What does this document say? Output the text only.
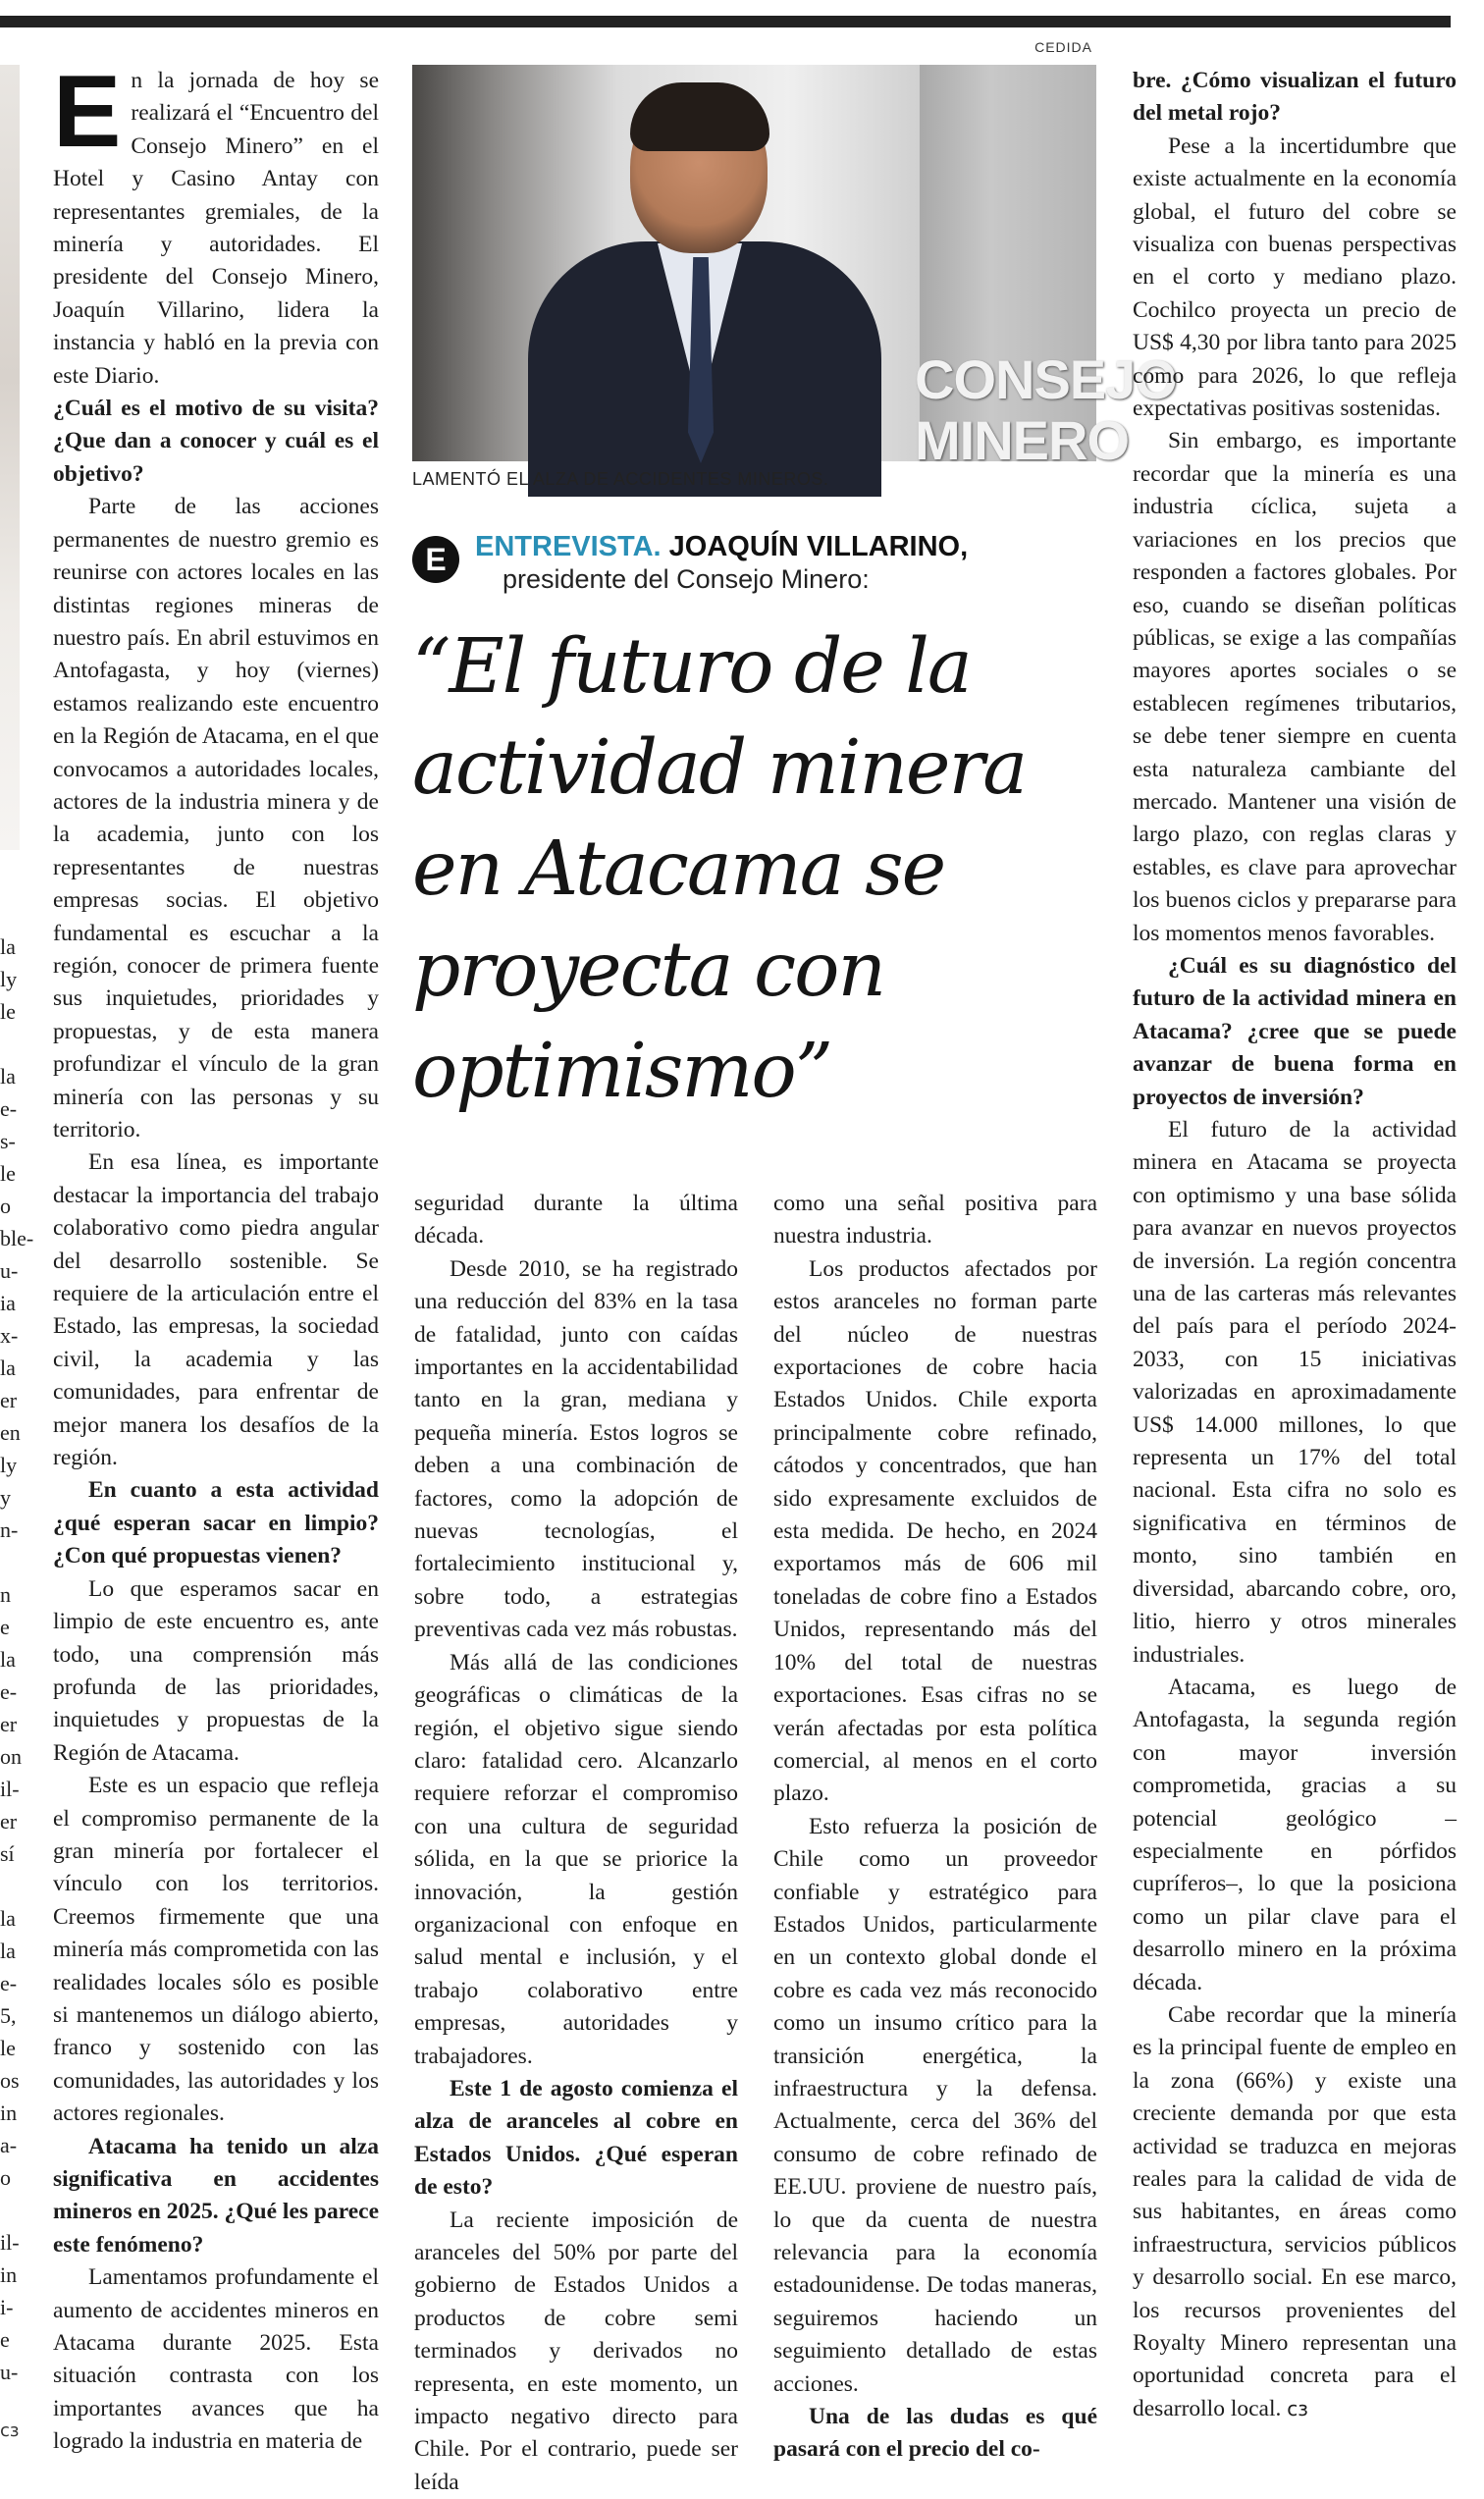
CEDIDA
la
ly
le

la
e-
s-
le
o
ble-
u-
ia
x-
la
er
en
ly
y
n-

n
e
la
e-
er
on
il-
er
sí

la
la
e-
5,
le
os
in
a-
o

il-
in
i-
e
u-
cɜ

En la jornada de hoy se realizará el “Encuentro del Consejo Minero” en el Hotel y Casino Antay con representantes gremiales, de la minería y autoridades. El presidente del Consejo Minero, Joaquín Villarino, lidera la instancia y habló en la previa con este Diario.

¿Cuál es el motivo de su visita? ¿Que dan a conocer y cuál es el objetivo?

Parte de las acciones permanentes de nuestro gremio es reunirse con actores locales en las distintas regiones mineras de nuestro país. En abril estuvimos en Antofagasta, y hoy (viernes) estamos realizando este encuentro en la Región de Atacama, en el que convocamos a autoridades locales, actores de la industria minera y de la academia, junto con los representantes de nuestras empresas socias. El objetivo fundamental es escuchar a la región, conocer de primera fuente sus inquietudes, prioridades y propuestas, y de esta manera profundizar el vínculo de la gran minería con las personas y su territorio.

En esa línea, es importante destacar la importancia del trabajo colaborativo como piedra angular del desarrollo sostenible. Se requiere de la articulación entre el Estado, las empresas, la sociedad civil, la academia y las comunidades, para enfrentar de mejor manera los desafíos de la región.

En cuanto a esta actividad ¿qué esperan sacar en limpio? ¿Con qué propuestas vienen?

Lo que esperamos sacar en limpio de este encuentro es, ante todo, una comprensión más profunda de las prioridades, inquietudes y propuestas de la Región de Atacama.

Este es un espacio que refleja el compromiso permanente de la gran minería por fortalecer el vínculo con los territorios. Creemos firmemente que una minería más comprometida con las realidades locales sólo es posible si mantenemos un diálogo abierto, franco y sostenido con las comunidades, las autoridades y los actores regionales.

Atacama ha tenido un alza significativa en accidentes mineros en 2025. ¿Qué les parece este fenómeno?

Lamentamos profundamente el aumento de accidentes mineros en Atacama durante 2025. Esta situación contrasta con los importantes avances que ha logrado la industria en materia de

CONSEJO
MINERO
LAMENTÓ EL ALZA DE ACCIDENTES MINEROS.
E	ENTREVISTA. JOAQUÍN VILLARINO,
presidente del Consejo Minero:
“El futuro de la actividad minera en Atacama se proyecta con optimismo”

seguridad durante la última década.

Desde 2010, se ha registrado una reducción del 83% en la tasa de fatalidad, junto con caídas importantes en la accidentabilidad tanto en la gran, mediana y pequeña minería. Estos logros se deben a una combinación de factores, como la adopción de nuevas tecnologías, el fortalecimiento institucional y, sobre todo, a estrategias preventivas cada vez más robustas.

Más allá de las condiciones geográficas o climáticas de la región, el objetivo sigue siendo claro: fatalidad cero. Alcanzarlo requiere reforzar el compromiso con una cultura de seguridad sólida, en la que se priorice la innovación, la gestión organizacional con enfoque en salud mental e inclusión, y el trabajo colaborativo entre empresas, autoridades y trabajadores.

Este 1 de agosto comienza el alza de aranceles al cobre en Estados Unidos. ¿Qué esperan de esto?

La reciente imposición de aranceles del 50% por parte del gobierno de Estados Unidos a productos de cobre semi terminados y derivados no representa, en este momento, un impacto negativo directo para Chile. Por el contrario, puede ser leída

como una señal positiva para nuestra industria.

Los productos afectados por estos aranceles no forman parte del núcleo de nuestras exportaciones de cobre hacia Estados Unidos. Chile exporta principalmente cobre refinado, cátodos y concentrados, que han sido expresamente excluidos de esta medida. De hecho, en 2024 exportamos más de 606 mil toneladas de cobre fino a Estados Unidos, representando más del 10% del total de nuestras exportaciones. Esas cifras no se verán afectadas por esta política comercial, al menos en el corto plazo.

Esto refuerza la posición de Chile como un proveedor confiable y estratégico para Estados Unidos, particularmente en un contexto global donde el cobre es cada vez más reconocido como un insumo crítico para la transición energética, la infraestructura y la defensa. Actualmente, cerca del 36% del consumo de cobre refinado de EE.UU. proviene de nuestro país, lo que da cuenta de nuestra relevancia para la economía estadounidense. De todas maneras, seguiremos haciendo un seguimiento detallado de estas acciones.

Una de las dudas es qué pasará con el precio del co-

bre. ¿Cómo visualizan el futuro del metal rojo?

Pese a la incertidumbre que existe actualmente en la economía global, el futuro del cobre se visualiza con buenas perspectivas en el corto y mediano plazo. Cochilco proyecta un precio de US$ 4,30 por libra tanto para 2025 como para 2026, lo que refleja expectativas positivas sostenidas.

Sin embargo, es importante recordar que la minería es una industria cíclica, sujeta a variaciones en los precios que responden a factores globales. Por eso, cuando se diseñan políticas públicas, se exige a las compañías mayores aportes sociales o se establecen regímenes tributarios, se debe tener siempre en cuenta esta naturaleza cambiante del mercado. Mantener una visión de largo plazo, con reglas claras y estables, es clave para aprovechar los buenos ciclos y prepararse para los momentos menos favorables.

¿Cuál es su diagnóstico del futuro de la actividad minera en Atacama? ¿cree que se puede avanzar de buena forma en proyectos de inversión?

El futuro de la actividad minera en Atacama se proyecta con optimismo y una base sólida para avanzar en nuevos proyectos de inversión. La región concentra una de las carteras más relevantes del país para el período 2024-2033, con 15 iniciativas valorizadas en aproximadamente US$ 14.000 millones, lo que representa un 17% del total nacional. Esta cifra no solo es significativa en términos de monto, sino también en diversidad, abarcando cobre, oro, litio, hierro y otros minerales industriales.

Atacama, es luego de Antofagasta, la segunda región con mayor inversión comprometida, gracias a su potencial geológico –especialmente en pórfidos cupríferos–, lo que la posiciona como un pilar clave para el desarrollo minero en la próxima década.

Cabe recordar que la minería es la principal fuente de empleo en la zona (66%) y existe una creciente demanda por que esta actividad se traduzca en mejoras reales para la calidad de vida de sus habitantes, en áreas como infraestructura, servicios públicos y desarrollo social. En ese marco, los recursos provenientes del Royalty Minero representan una oportunidad concreta para el desarrollo local. cɜ
